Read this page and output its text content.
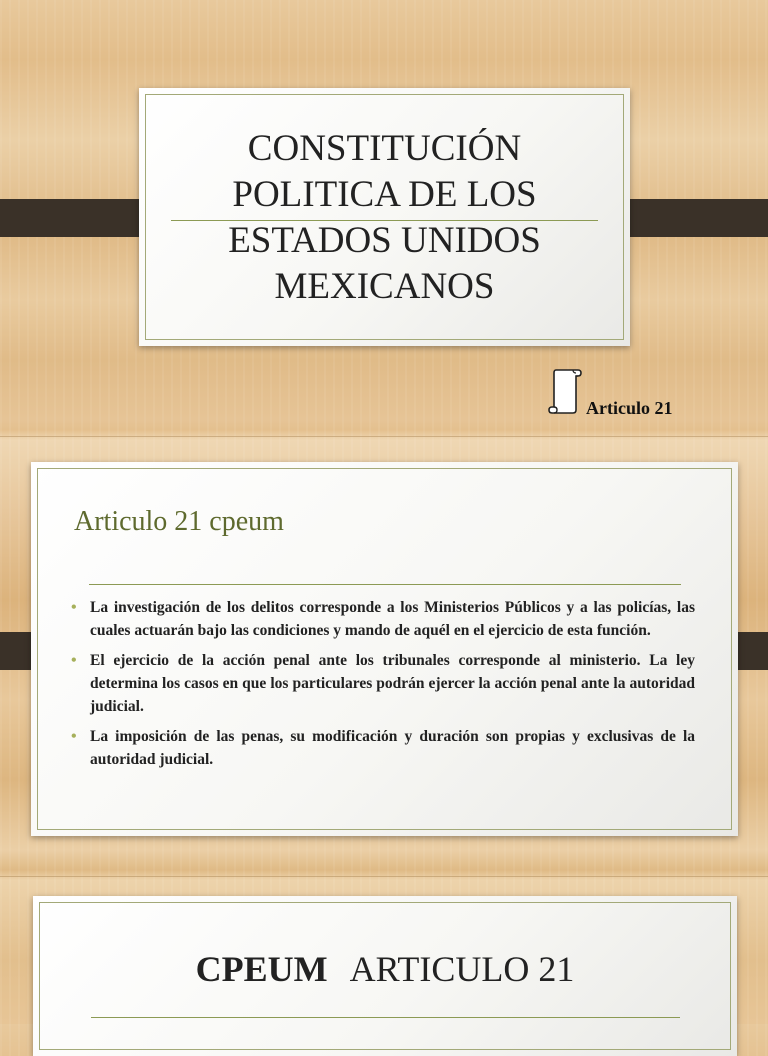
CONSTITUCIÓN
POLITICA DE LOS
ESTADOS UNIDOS
MEXICANOS
Articulo 21
Articulo 21 cpeum
• La investigación de los delitos corresponde a los Ministerios Públicos y a las policías, las cuales actuarán bajo las condiciones y mando de aquél en el ejercicio de esta función.
• El ejercicio de la acción penal ante los tribunales corresponde al ministerio. La ley determina los casos en que los particulares podrán ejercer la acción penal ante la autoridad judicial.
• La imposición de las penas, su modificación y duración son propias y exclusivas de la autoridad judicial.
CPEUM ARTICULO 21
